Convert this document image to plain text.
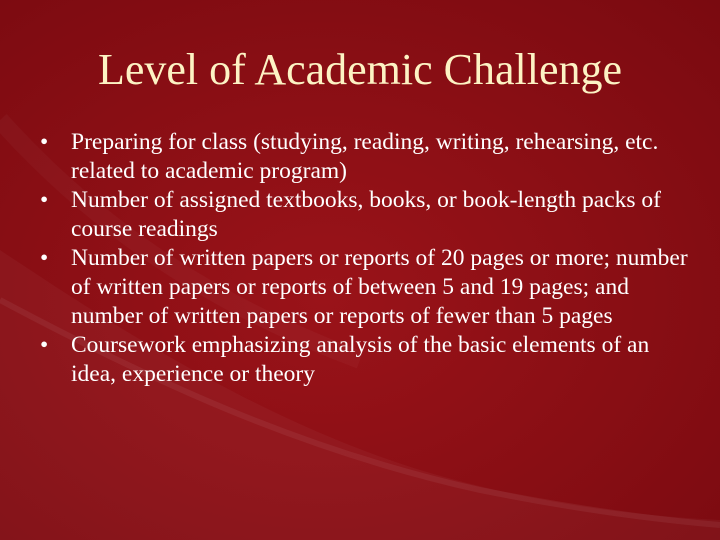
Level of Academic Challenge
• Preparing for class (studying, reading, writing, rehearsing, etc. related to academic program)
• Number of assigned textbooks, books, or book-length packs of course readings
• Number of written papers or reports of 20 pages or more; number of written papers or reports of between 5 and 19 pages; and number of written papers or reports of fewer than 5 pages
• Coursework emphasizing analysis of the basic elements of an idea, experience or theory
